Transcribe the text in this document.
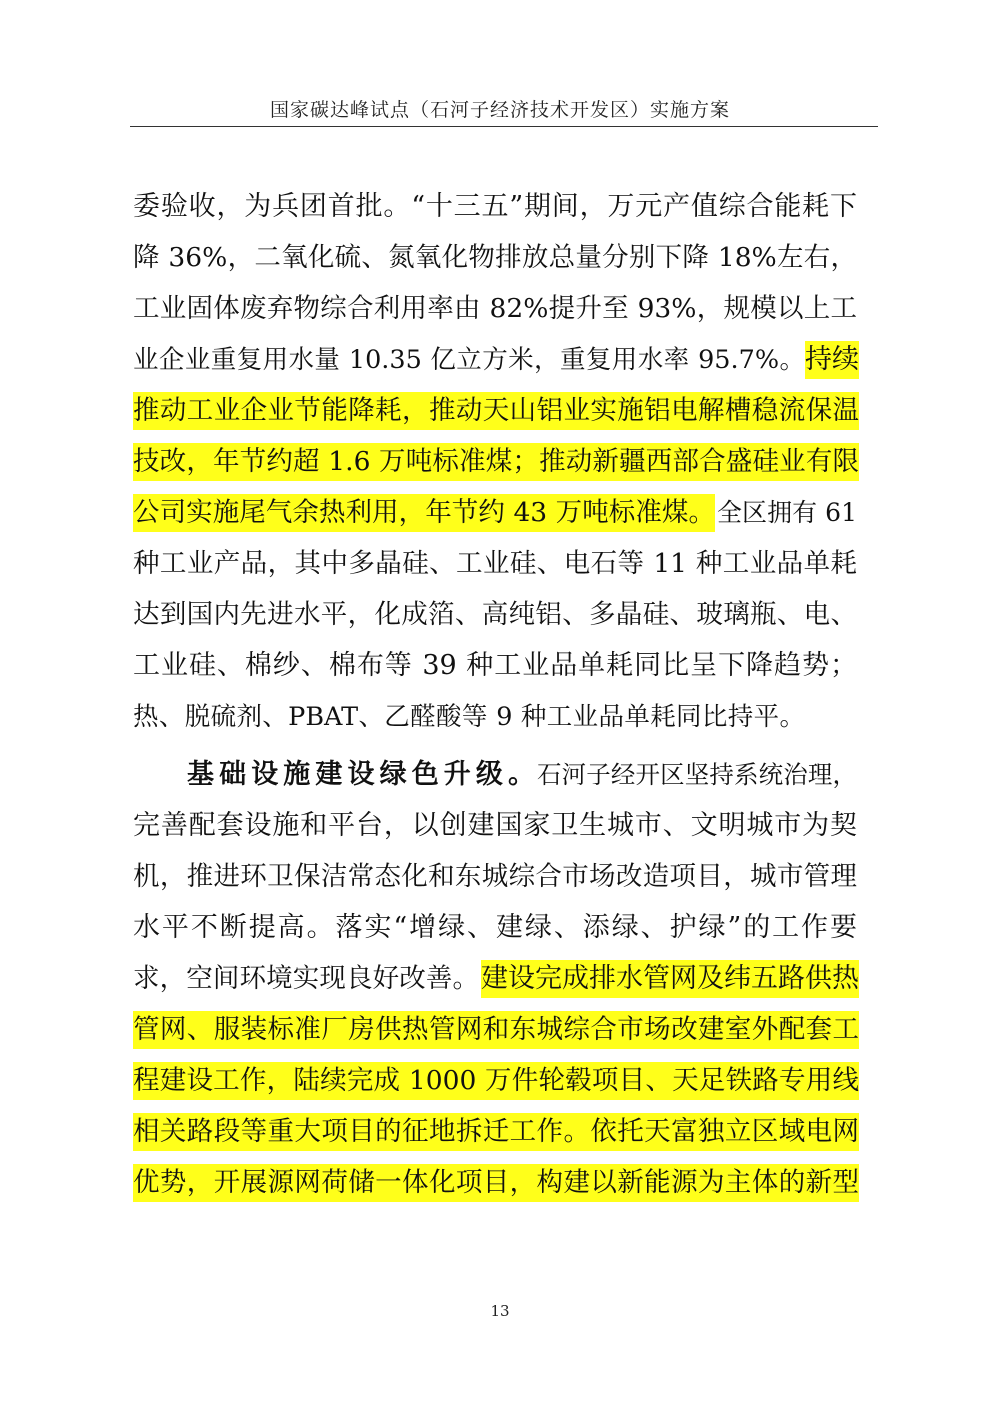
国家碳达峰试点（石河子经济技术开发区）实施方案
委验收，为兵团首批。“十三五”期间，万元产值综合能耗下
降 36%，二氧化硫、氮氧化物排放总量分别下降 18%左右，
工业固体废弃物综合利用率由 82%提升至 93%，规模以上工
业企业重复用水量 10.35 亿立方米，重复用水率 95.7%。 持续
推动工业企业节能降耗，推动天山铝业实施铝电解槽稳流保温
技改，年节约超 1.6 万吨标准煤；推动新疆西部合盛硅业有限
公司实施尾气余热利用，年节约 43 万吨标准煤。 全区拥有 61
种工业产品，其中多晶硅、工业硅、电石等 11 种工业品单耗
达到国内先进水平，化成箔、高纯铝、多晶硅、玻璃瓶、电、
工业硅、棉纱、棉布等 39 种工业品单耗同比呈下降趋势；
热、脱硫剂、PBAT、乙醛酸等 9 种工业品单耗同比持平。
基础设施建设绿色升级。 石河子经开区坚持系统治理，
完善配套设施和平台，以创建国家卫生城市、文明城市为契
机，推进环卫保洁常态化和东城综合市场改造项目，城市管理
水平不断提高。落实“增绿、建绿、添绿、护绿”的工作要
求，空间环境实现良好改善。 建设完成排水管网及纬五路供热
管网、服装标准厂房供热管网和东城综合市场改建室外配套工
程建设工作，陆续完成 1000 万件轮毂项目、天足铁路专用线
相关路段等重大项目的征地拆迁工作。依托天富独立区域电网
优势，开展源网荷储一体化项目，构建以新能源为主体的新型
13
